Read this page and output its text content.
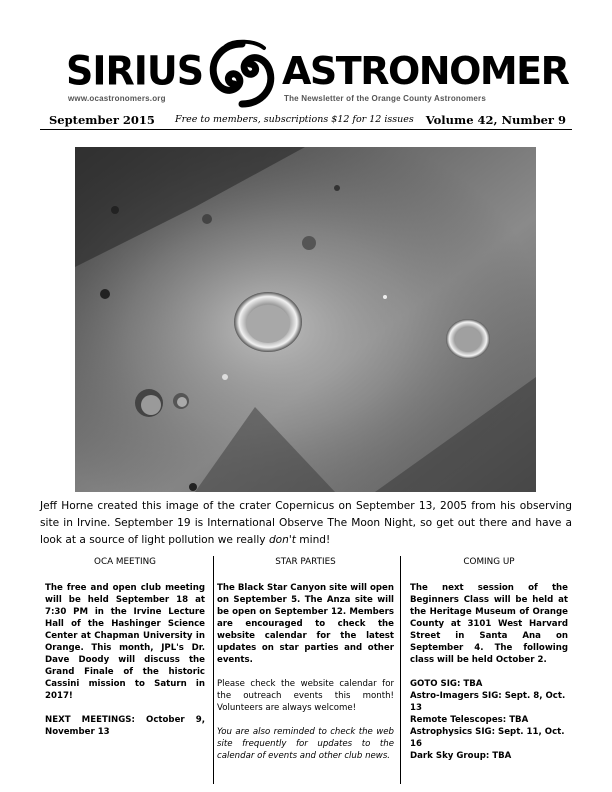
SIRIUS ASTRONOMER
www.ocastronomers.org	The Newsletter of the Orange County Astronomers
September 2015 Free to members, subscriptions $12 for 12 issues Volume 42, Number 9
Jeff Horne created this image of the crater Copernicus on September 13, 2005 from his observing site in Irvine. September 19 is International Observe The Moon Night, so get out there and have a look at a source of light pollution we really don't mind!
OCA MEETING

The free and open club meeting will be held September 18 at 7:30 PM in the Irvine Lecture Hall of the Hashinger Science Center at Chapman University in Orange. This month, JPL's Dr. Dave Doody will discuss the Grand Finale of the historic Cassini mission to Saturn in 2017!

NEXT MEETINGS: October 9, November 13

STAR PARTIES

The Black Star Canyon site will open on September 5. The Anza site will be open on September 12. Members are encouraged to check the website calendar for the latest updates on star parties and other events.

Please check the website calendar for the outreach events this month! Volunteers are always welcome!

You are also reminded to check the web site frequently for updates to the calendar of events and other club news.

COMING UP

The next session of the Beginners Class will be held at the Heritage Museum of Orange County at 3101 West Harvard Street in Santa Ana on September 4. The following class will be held October 2.

GOTO SIG: TBA

Astro-Imagers SIG: Sept. 8, Oct. 13

Remote Telescopes: TBA

Astrophysics SIG: Sept. 11, Oct. 16

Dark Sky Group: TBA
